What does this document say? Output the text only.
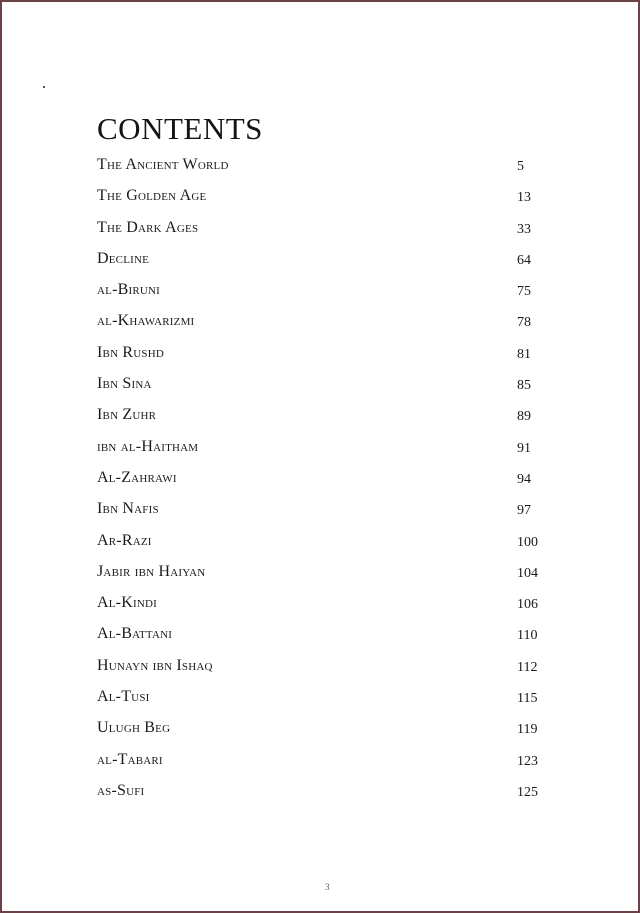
CONTENTS
The Ancient World	5
The Golden Age	13
The Dark Ages	33
Decline	64
al-Biruni	75
al-Khawarizmi	78
Ibn Rushd	81
Ibn Sina	85
Ibn Zuhr	89
ibn al-Haitham	91
Al-Zahrawi	94
Ibn Nafis	97
Ar-Razi	100
Jabir ibn Haiyan	104
Al-Kindi	106
Al-Battani	110
Hunayn ibn Ishaq	112
Al-Tusi	115
Ulugh Beg	119
al-Tabari	123
as-Sufi	125
3
